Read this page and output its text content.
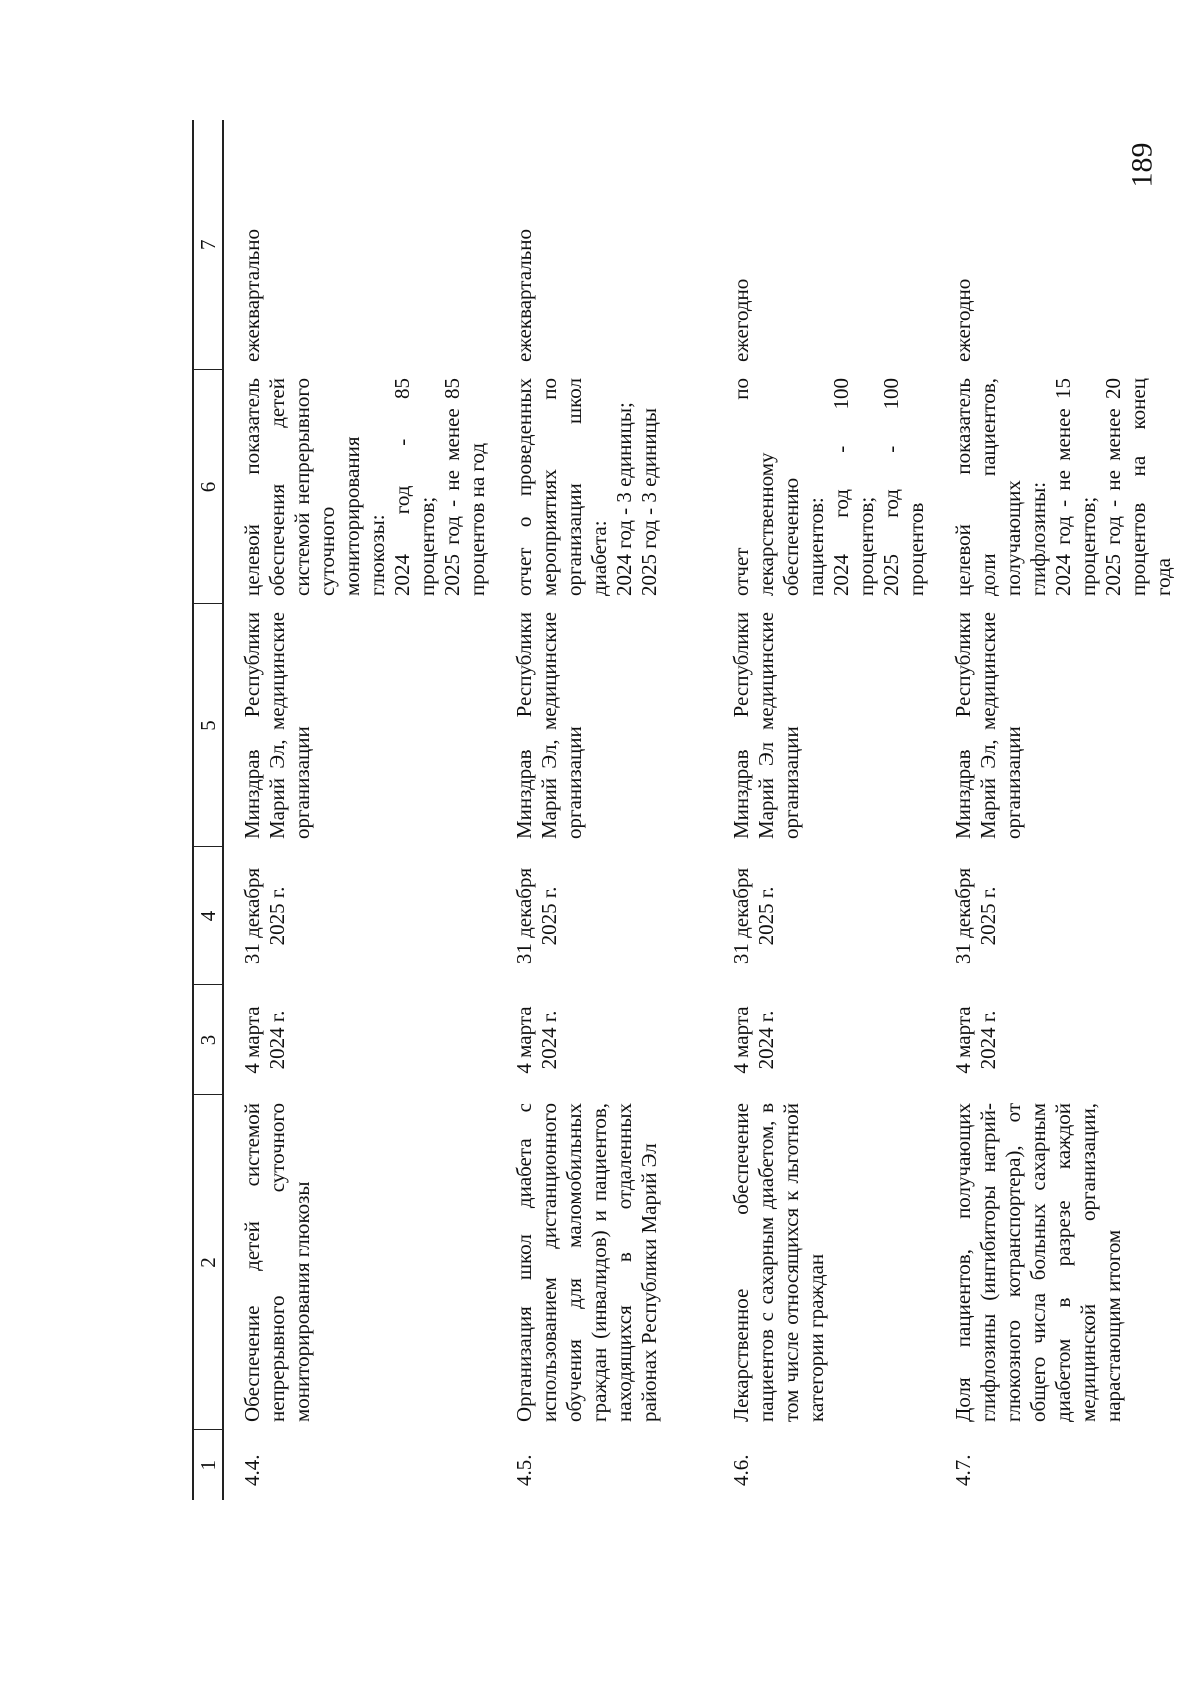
189
1	2	3	4	5	6	7
4.4.	Обеспечение детей системой непрерывного суточного мониторирования глюкозы	4 марта 2024 г.	31 декабря 2025 г.	Минздрав Республики Марий Эл, медицинские организации	целевой показатель обеспечения детей системой непрерывного суточного мониторирования глюкозы: 2024 год - 85 процентов; 2025 год - не менее 85 процентов на год	ежеквартально
4.5.	Организация школ диабета с использованием дистанционного обучения для маломобильных граждан (инвалидов) и пациентов, находящихся в отдаленных районах Республики Марий Эл	4 марта 2024 г.	31 декабря 2025 г.	Минздрав Республики Марий Эл, медицинские организации	отчет о проведенных мероприятиях по организации школ диабета: 2024 год - 3 единицы; 2025 год - 3 единицы	ежеквартально
4.6.	Лекарственное обеспечение пациентов с сахарным диабетом, в том числе относящихся к льготной категории граждан	4 марта 2024 г.	31 декабря 2025 г.	Минздрав Республики Марий Эл медицинские организации	отчет по лекарственному обеспечению пациентов: 2024 год - 100 процентов; 2025 год - 100 процентов	ежегодно
4.7.	Доля пациентов, получающих глифлозины (ингибиторы натрий-глюкозного котранспортера), от общего числа больных сахарным диабетом в разрезе каждой медицинской организации, нарастающим итогом	4 марта 2024 г.	31 декабря 2025 г.	Минздрав Республики Марий Эл, медицинские организации	целевой показатель доли пациентов, получающих глифлозины: 2024 год - не менее 15 процентов; 2025 год - не менее 20 процентов на конец года	ежегодно
